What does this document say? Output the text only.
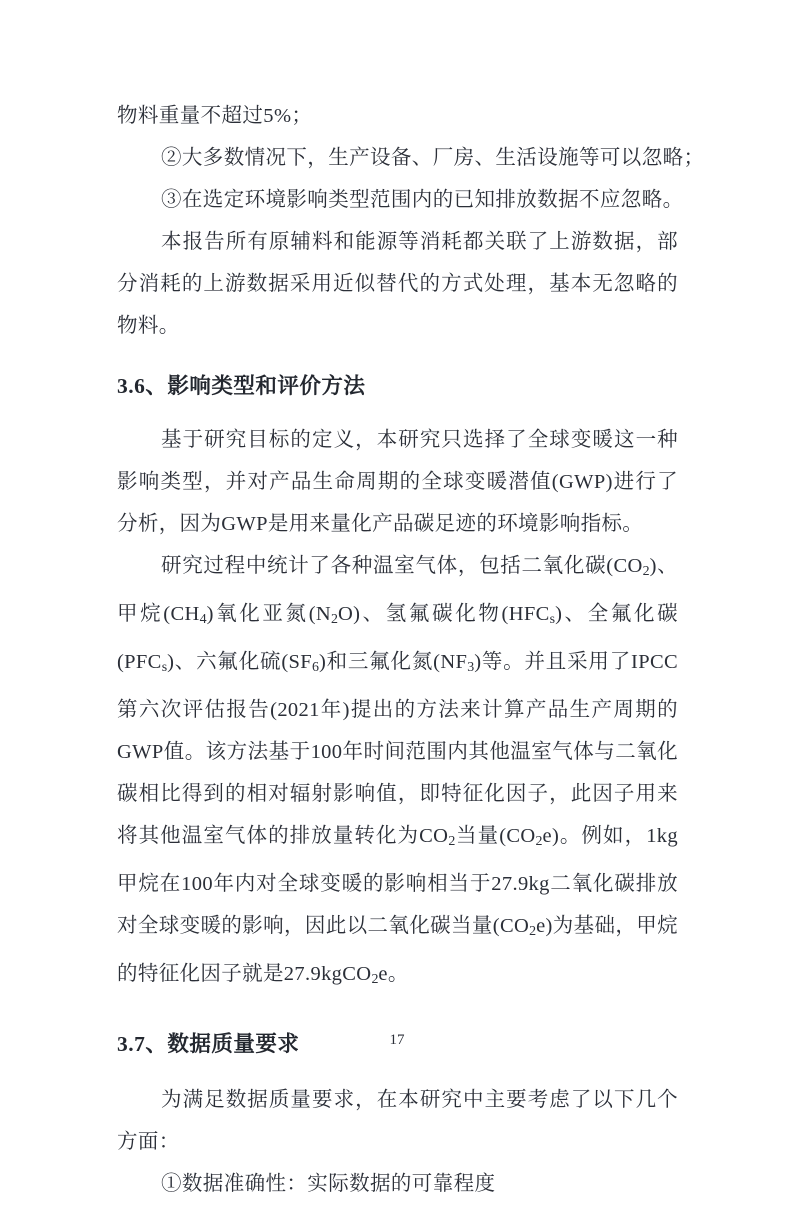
物料重量不超过5%；
②大多数情况下，生产设备、厂房、生活设施等可以忽略；
③在选定环境影响类型范围内的已知排放数据不应忽略。

本报告所有原辅料和能源等消耗都关联了上游数据，部分消耗的上游数据采用近似替代的方式处理，基本无忽略的物料。

3.6、影响类型和评价方法

基于研究目标的定义，本研究只选择了全球变暖这一种影响类型，并对产品生命周期的全球变暖潜值(GWP)进行了分析，因为GWP是用来量化产品碳足迹的环境影响指标。

研究过程中统计了各种温室气体，包括二氧化碳$(CO_2)$、甲烷$(CH_4)$氧化亚氮$(N_2O)$、氢氟碳化物$(HFC_s)$、全氟化碳$(PFC_s)$、六氟化硫$(SF_6)$和三氟化氮$(NF_3)$等。并且采用了IPCC第六次评估报告(2021年)提出的方法来计算产品生产周期的GWP值。该方法基于100年时间范围内其他温室气体与二氧化碳相比得到的相对辐射影响值，即特征化因子，此因子用来将其他温室气体的排放量转化为$CO_2$当量$(CO_2e)$。例如，1kg甲烷在100年内对全球变暖的影响相当于27.9kg二氧化碳排放对全球变暖的影响，因此以二氧化碳当量$(CO_2e)$为基础，甲烷的特征化因子就是27.9kgCO$_2$e。

3.7、数据质量要求

为满足数据质量要求，在本研究中主要考虑了以下几个方面：

①数据准确性：实际数据的可靠程度
17
